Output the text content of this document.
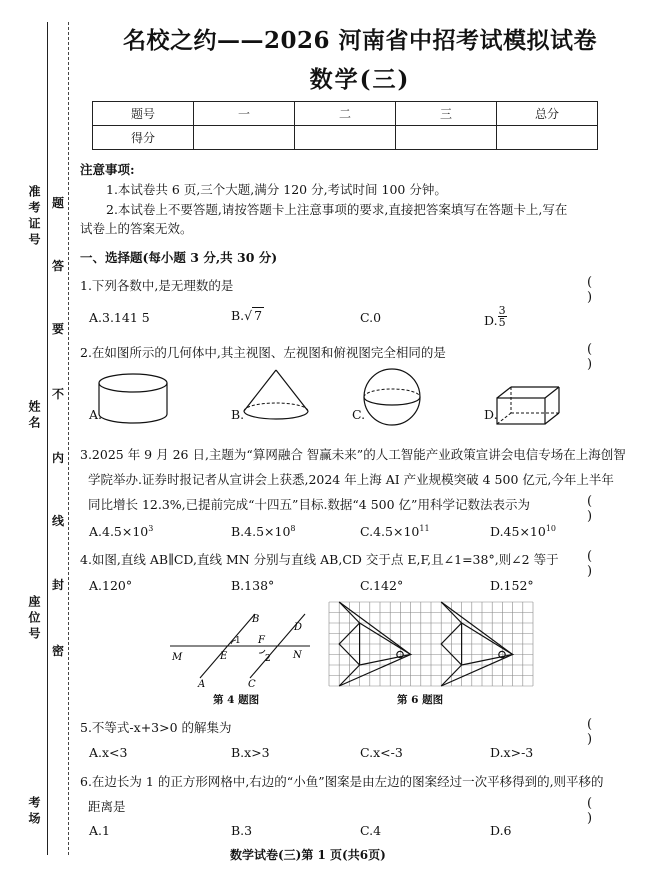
准考证号
姓名
座位号
考场
题
答
要
不
内
线
封
密
名校之约——2026 河南省中招考试模拟试卷
数学(三)
题号	一	二	三	总分
得分				
注意事项:
1.本试卷共 6 页,三个大题,满分 120 分,考试时间 100 分钟。
2.本试卷上不要答题,请按答题卡上注意事项的要求,直接把答案填写在答题卡上,写在
试卷上的答案无效。
一、选择题(每小题 3 分,共 30 分)
1.下列各数中,是无理数的是	( )
A.3.141 5	B.√ 7	C.0	D. $\frac{3}{5}$
2.在如图所示的几何体中,其主视图、左视图和俯视图完全相同的是	( )
A.	B.	C.	D.
3.2025 年 9 月 26 日,主题为“算网融合 智赢未来”的人工智能产业政策宣讲会电信专场在上海创智
学院举办.证券时报记者从宣讲会上获悉,2024 年上海 AI 产业规模突破 4 500 亿元,今年上半年
同比增长 12.3%,已提前完成“十四五”目标.数据“4 500 亿”用科学记数法表示为	( )
$A.4.5\times 10^3$	$B.4.5\times 10^8$	$C.4.5\times 10^{11}$	$D.45\times 10^{10}$
4.如图,直线 AB∥CD,直线 MN 分别与直线 AB,CD 交于点 E,F,且∠1=38°,则∠2 等于 ( )
A.120°	B.138°	C.142°	D.152°
B
D
M	N
E
F
A	C
1
2
第 4 题图	第 6 题图
5.不等式-x+3>0 的解集为	( )
A.x<3	B.x>3	C.x<-3	D.x>-3
6.在边长为 1 的正方形网格中,右边的“小鱼”图案是由左边的图案经过一次平移得到的,则平移的
距离是	( )
A.1	B.3	C.4	D.6
数学试卷(三)第 1 页(共6页)
